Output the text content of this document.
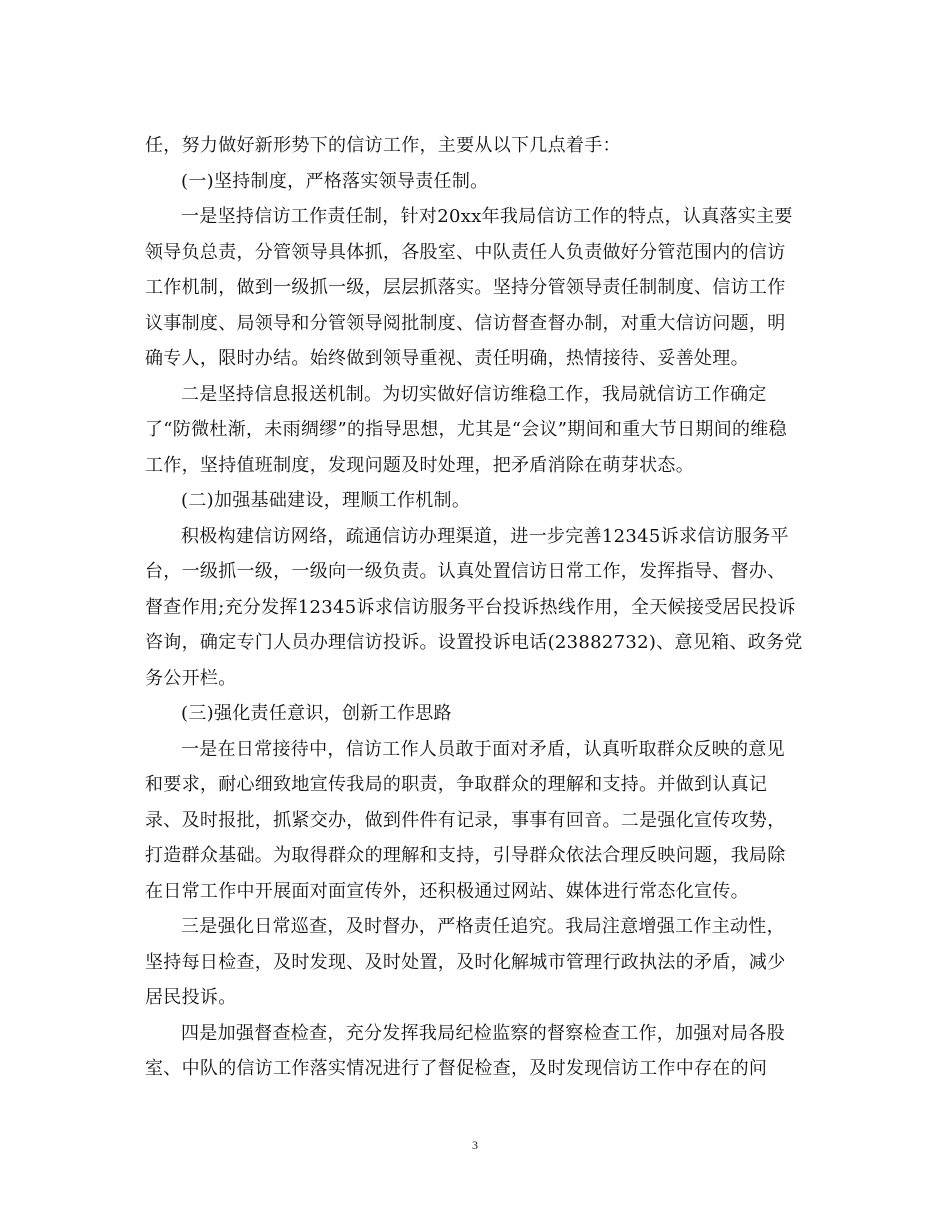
任，努力做好新形势下的信访工作，主要从以下几点着手：
(一)坚持制度，严格落实领导责任制。
一是坚持信访工作责任制，针对20xx年我局信访工作的特点，认真落实主要
领导负总责，分管领导具体抓，各股室、中队责任人负责做好分管范围内的信访
工作机制，做到一级抓一级，层层抓落实。坚持分管领导责任制制度、信访工作
议事制度、局领导和分管领导阅批制度、信访督查督办制，对重大信访问题，明
确专人，限时办结。始终做到领导重视、责任明确，热情接待、妥善处理。
二是坚持信息报送机制。为切实做好信访维稳工作，我局就信访工作确定
了“防微杜渐，未雨绸缪”的指导思想，尤其是“会议”期间和重大节日期间的维稳
工作，坚持值班制度，发现问题及时处理，把矛盾消除在萌芽状态。
(二)加强基础建设，理顺工作机制。
积极构建信访网络，疏通信访办理渠道，进一步完善12345诉求信访服务平
台，一级抓一级，一级向一级负责。认真处置信访日常工作，发挥指导、督办、
督查作用;充分发挥12345诉求信访服务平台投诉热线作用，全天候接受居民投诉
咨询，确定专门人员办理信访投诉。设置投诉电话(23882732)、意见箱、政务党
务公开栏。
(三)强化责任意识，创新工作思路
一是在日常接待中，信访工作人员敢于面对矛盾，认真听取群众反映的意见
和要求，耐心细致地宣传我局的职责，争取群众的理解和支持。并做到认真记
录、及时报批，抓紧交办，做到件件有记录，事事有回音。二是强化宣传攻势，
打造群众基础。为取得群众的理解和支持，引导群众依法合理反映问题，我局除
在日常工作中开展面对面宣传外，还积极通过网站、媒体进行常态化宣传。
三是强化日常巡查，及时督办，严格责任追究。我局注意增强工作主动性，
坚持每日检查，及时发现、及时处置，及时化解城市管理行政执法的矛盾，减少
居民投诉。
四是加强督查检查，充分发挥我局纪检监察的督察检查工作，加强对局各股
室、中队的信访工作落实情况进行了督促检查，及时发现信访工作中存在的问
3
